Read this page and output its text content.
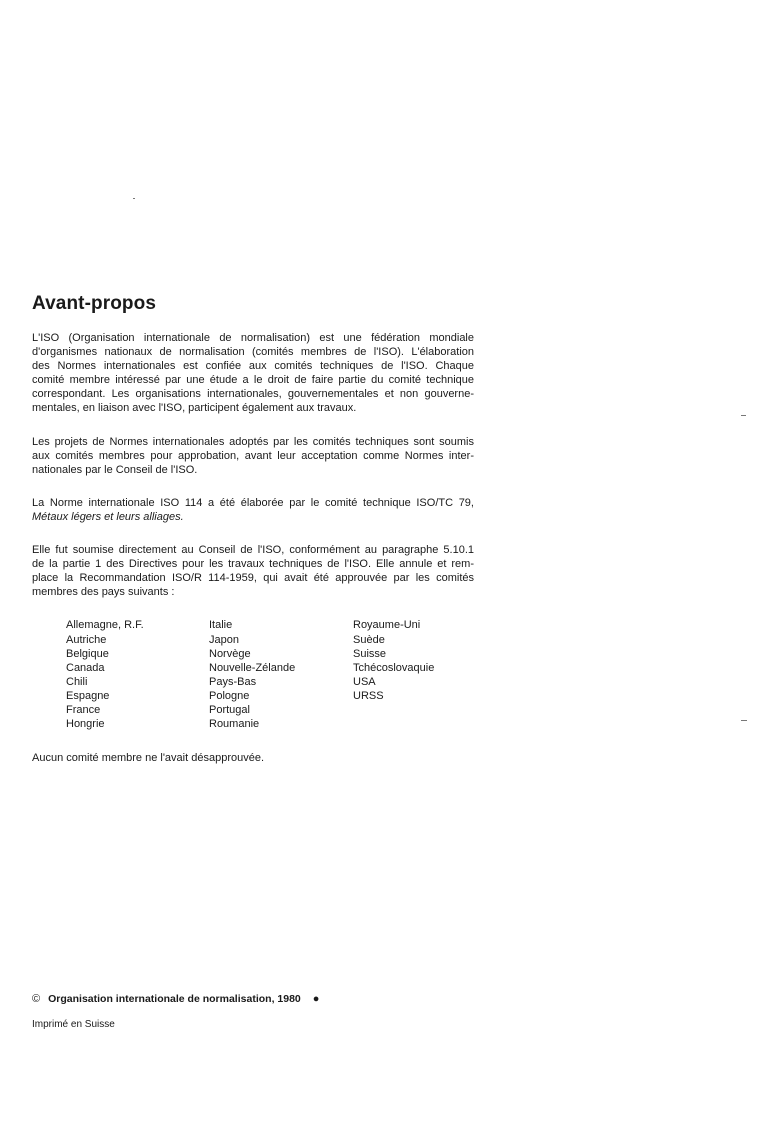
Avant-propos

L'ISO (Organisation internationale de normalisation) est une fédération mondiale
d'organismes nationaux de normalisation (comités membres de l'ISO). L'élaboration
des Normes internationales est confiée aux comités techniques de l'ISO. Chaque
comité membre intéressé par une étude a le droit de faire partie du comité technique
correspondant. Les organisations internationales, gouvernementales et non gouverne-
mentales, en liaison avec l'ISO, participent également aux travaux.

Les projets de Normes internationales adoptés par les comités techniques sont soumis
aux comités membres pour approbation, avant leur acceptation comme Normes inter-
nationales par le Conseil de l'ISO.

La Norme internationale ISO 114 a été élaborée par le comité technique ISO/TC 79,
Métaux légers et leurs alliages.

Elle fut soumise directement au Conseil de l'ISO, conformément au paragraphe 5.10.1
de la partie 1 des Directives pour les travaux techniques de l'ISO. Elle annule et rem-
place la Recommandation ISO/R 114-1959, qui avait été approuvée par les comités
membres des pays suivants :

Allemagne, R.F.
Autriche
Belgique
Canada
Chili
Espagne
France
Hongrie
Italie
Japon
Norvège
Nouvelle-Zélande
Pays-Bas
Pologne
Portugal
Roumanie
Royaume-Uni
Suède
Suisse
Tchécoslovaquie
USA
URSS

Aucun comité membre ne l'avait désapprouvée.

© Organisation internationale de normalisation, 1980 ●
Imprimé en Suisse
